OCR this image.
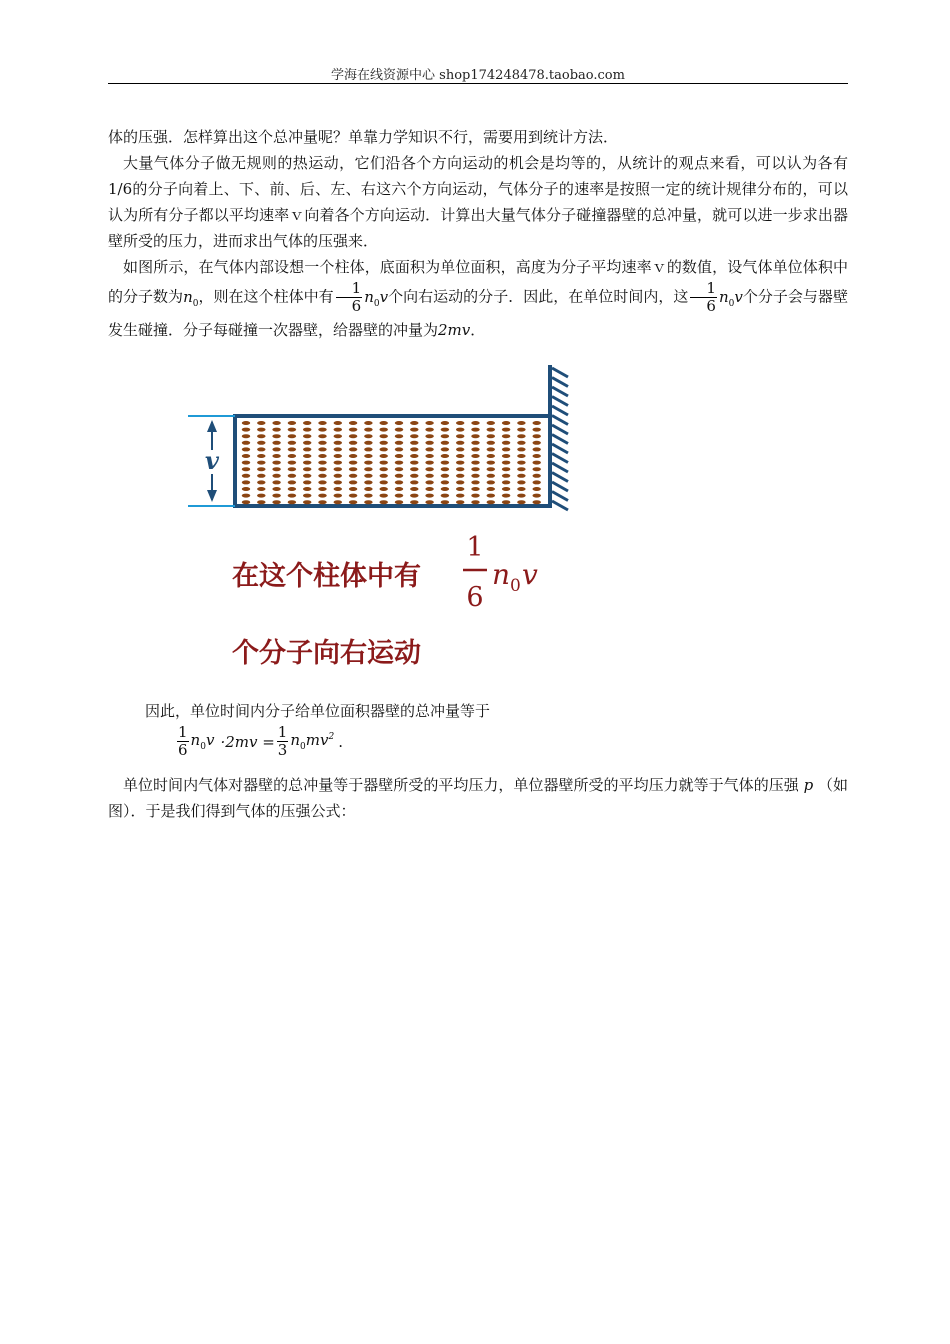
学海在线资源中心 shop174248478.taobao.com

体的压强．怎样算出这个总冲量呢？单靠力学知识不行，需要用到统计方法．

大量气体分子做无规则的热运动，它们沿各个方向运动的机会是均等的，从统计的观点来看，可以认为各有1/6的分子向着上、下、前、后、左、右这六个方向运动，气体分子的速率是按照一定的统计规律分布的，可以认为所有分子都以平均速率ｖ向着各个方向运动．计算出大量气体分子碰撞器壁的总冲量，就可以进一步求出器壁所受的压力，进而求出气体的压强来．

如图所示，在气体内部设想一个柱体，底面积为单位面积，高度为分子平均速率ｖ的数值，设气体单位体积中的分子数为$n_0$，则在这个柱体中有 $\frac{1}{6} n_0v$个向右运动的分子．因此，在单位时间内，这 $\frac{1}{6} n_0v$个分子会与器壁发生碰撞．分子每碰撞一次器壁，给器壁的冲量为2mv．

v
在这个柱体中有
1
6
n 0 v
个分子向右运动
因此，单位时间内分子给单位面积器壁的总冲量等于
$\frac{1}{6} n_0v \cdot 2mv = \frac{1}{3} n_0mv^2$ .

单位时间内气体对器壁的总冲量等于器壁所受的平均压力，单位器壁所受的平均压力就等于气体的压强 p （如图）．于是我们得到气体的压强公式：
